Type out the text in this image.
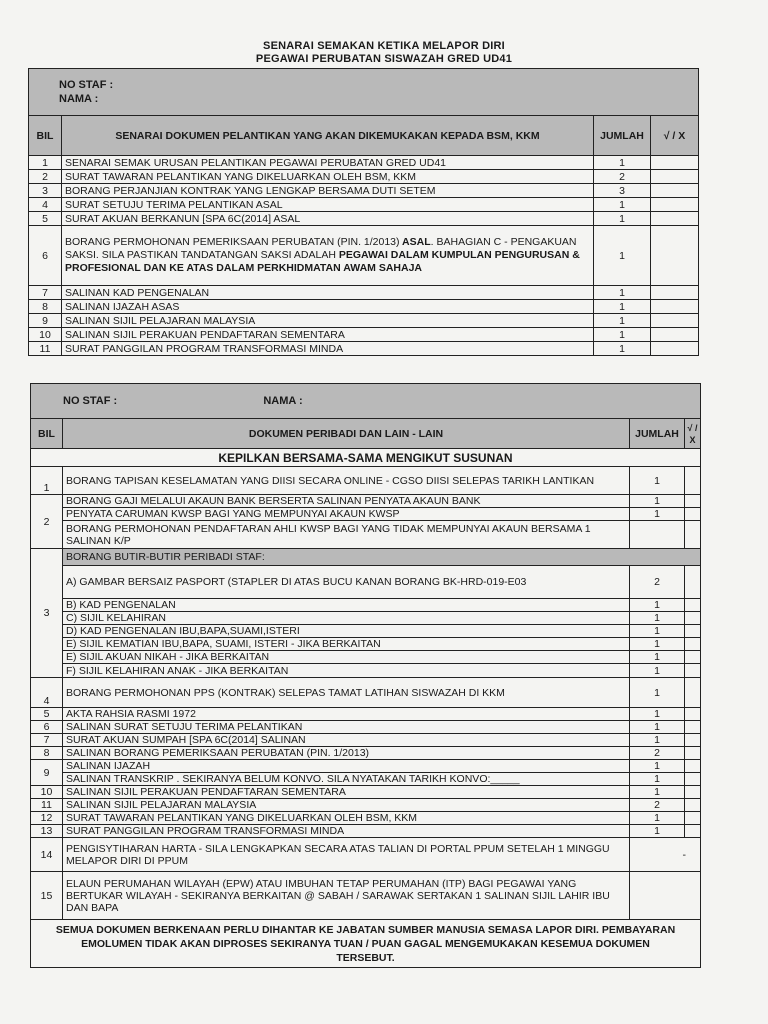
SENARAI SEMAKAN KETIKA MELAPOR DIRI
PEGAWAI PERUBATAN SISWAZAH GRED UD41
NO STAF :
NAMA :			

BIL	SENARAI DOKUMEN PELANTIKAN YANG AKAN DIKEMUKAKAN KEPADA BSM, KKM	JUMLAH	√ / X
1	SENARAI SEMAK URUSAN PELANTIKAN PEGAWAI PERUBATAN GRED UD41	1	
2	SURAT TAWARAN PELANTIKAN YANG DIKELUARKAN OLEH BSM, KKM	2	
3	BORANG PERJANJIAN KONTRAK YANG LENGKAP BERSAMA DUTI SETEM	3	
4	SURAT SETUJU TERIMA PELANTIKAN ASAL	1	
5	SURAT AKUAN BERKANUN [SPA 6C(2014] ASAL	1	
6	BORANG PERMOHONAN PEMERIKSAAN PERUBATAN (PIN. 1/2013) ASAL. BAHAGIAN C - PENGAKUAN SAKSI. SILA PASTIKAN TANDATANGAN SAKSI ADALAH PEGAWAI DALAM KUMPULAN PENGURUSAN & PROFESIONAL DAN KE ATAS DALAM PERKHIDMATAN AWAM SAHAJA	1	
7	SALINAN KAD PENGENALAN	1	
8	SALINAN IJAZAH ASAS	1	
9	SALINAN SIJIL PELAJARAN MALAYSIA	1	
10	SALINAN SIJIL PERAKUAN PENDAFTARAN SEMENTARA	1	
11	SURAT PANGGILAN PROGRAM TRANSFORMASI MINDA	1	
NO STAF : NAMA :			
BIL	DOKUMEN PERIBADI DAN LAIN - LAIN	JUMLAH	√ / X
KEPILKAN BERSAMA-SAMA MENGIKUT SUSUNAN			
1	BORANG TAPISAN KESELAMATAN YANG DIISI SECARA ONLINE - CGSO DIISI SELEPAS TARIKH LANTIKAN	1	
2	BORANG GAJI MELALUI AKAUN BANK BERSERTA SALINAN PENYATA AKAUN BANK	1	
	PENYATA CARUMAN KWSP BAGI YANG MEMPUNYAI AKAUN KWSP	1	
	BORANG PERMOHONAN PENDAFTARAN AHLI KWSP BAGI YANG TIDAK MEMPUNYAI AKAUN BERSAMA 1 SALINAN K/P		
3	BORANG BUTIR-BUTIR PERIBADI STAF:		
	A) GAMBAR BERSAIZ PASPORT (STAPLER DI ATAS BUCU KANAN BORANG BK-HRD-019-E03	2	
	B) KAD PENGENALAN	1	
	C) SIJIL KELAHIRAN	1	
	D) KAD PENGENALAN IBU,BAPA,SUAMI,ISTERI	1	
	E) SIJIL KEMATIAN IBU,BAPA, SUAMI, ISTERI - JIKA BERKAITAN	1	
	E) SIJIL AKUAN NIKAH - JIKA BERKAITAN	1	
	F) SIJIL KELAHIRAN ANAK - JIKA BERKAITAN	1	
4	BORANG PERMOHONAN PPS (KONTRAK) SELEPAS TAMAT LATIHAN SISWAZAH DI KKM	1	
5	AKTA RAHSIA RASMI 1972	1	
6	SALINAN SURAT SETUJU TERIMA PELANTIKAN	1	
7	SURAT AKUAN SUMPAH [SPA 6C(2014] SALINAN	1	
8	SALINAN BORANG PEMERIKSAAN PERUBATAN (PIN. 1/2013)	2	
9	SALINAN IJAZAH	1	
	SALINAN TRANSKRIP . SEKIRANYA BELUM KONVO. SILA NYATAKAN TARIKH KONVO:_____	1	
10	SALINAN SIJIL PERAKUAN PENDAFTARAN SEMENTARA	1	
11	SALINAN SIJIL PELAJARAN MALAYSIA	2	
12	SURAT TAWARAN PELANTIKAN YANG DIKELUARKAN OLEH BSM, KKM	1	
13	SURAT PANGGILAN PROGRAM TRANSFORMASI MINDA	1	
14	PENGISYTIHARAN HARTA - SILA LENGKAPKAN SECARA ATAS TALIAN DI PORTAL PPUM SETELAH 1 MINGGU MELAPOR DIRI DI PPUM	-	
15	ELAUN PERUMAHAN WILAYAH (EPW) ATAU IMBUHAN TETAP PERUMAHAN (ITP) BAGI PEGAWAI YANG BERTUKAR WILAYAH - SEKIRANYA BERKAITAN @ SABAH / SARAWAK SERTAKAN 1 SALINAN SIJIL LAHIR IBU DAN BAPA		
SEMUA DOKUMEN BERKENAAN PERLU DIHANTAR KE JABATAN SUMBER MANUSIA SEMASA LAPOR DIRI. PEMBAYARAN EMOLUMEN TIDAK AKAN DIPROSES SEKIRANYA TUAN / PUAN GAGAL MENGEMUKAKAN KESEMUA DOKUMEN TERSEBUT.			
